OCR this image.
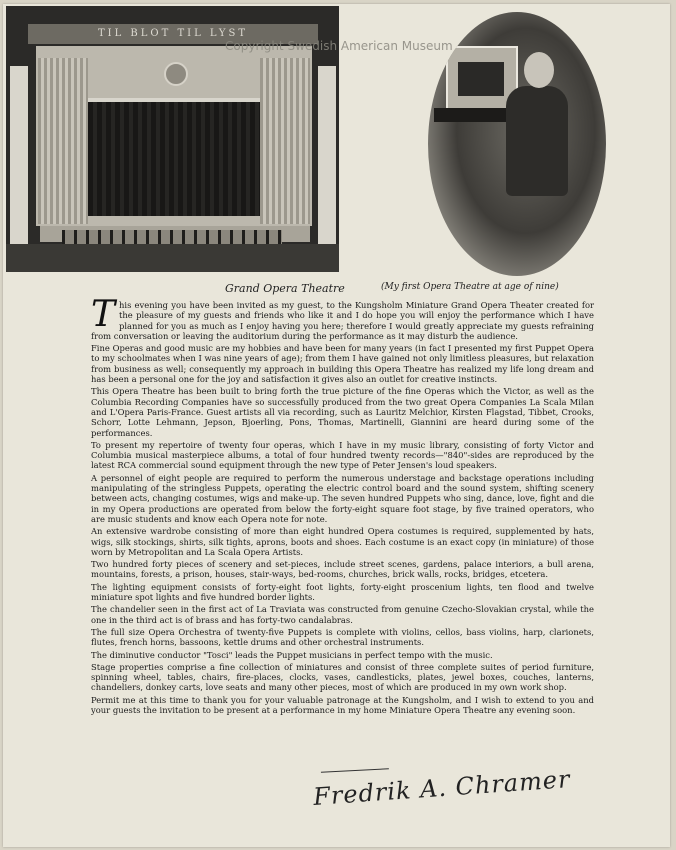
TIL BLOT TIL LYST
Copyright Swedish American Museum
Grand Opera Theatre	(My first Opera Theatre at age of nine)

This evening you have been invited as my guest, to the Kungsholm Miniature Grand Opera Theater created for the pleasure of my guests and friends who like it and I do hope you will enjoy the performance which I have planned for you as much as I enjoy having you here; therefore I would greatly appreciate my guests refraining from conversation or leaving the auditorium during the performance as it may disturb the audience.

Fine Operas and good music are my hobbies and have been for many years (in fact I presented my first Puppet Opera to my schoolmates when I was nine years of age); from them I have gained not only limitless pleasures, but relaxation from business as well; consequently my approach in building this Opera Theatre has realized my life long dream and has been a personal one for the joy and satisfaction it gives also an outlet for creative instincts.

This Opera Theatre has been built to bring forth the true picture of the fine Operas which the Victor, as well as the Columbia Recording Companies have so successfully produced from the two great Opera Companies La Scala Milan and L'Opera Paris-France. Guest artists all via recording, such as Lauritz Melchior, Kirsten Flagstad, Tibbet, Crooks, Schorr, Lotte Lehmann, Jepson, Bjoerling, Pons, Thomas, Martinelli, Giannini are heard during some of the performances.

To present my repertoire of twenty four operas, which I have in my music library, consisting of forty Victor and Columbia musical masterpiece albums, a total of four hundred twenty records—"840"-sides are reproduced by the latest RCA commercial sound equipment through the new type of Peter Jensen's loud speakers.

A personnel of eight people are required to perform the numerous understage and backstage operations including manipulating of the stringless Puppets, operating the electric control board and the sound system, shifting scenery between acts, changing costumes, wigs and make-up. The seven hundred Puppets who sing, dance, love, fight and die in my Opera productions are operated from below the forty-eight square foot stage, by five trained operators, who are music students and know each Opera note for note.

An extensive wardrobe consisting of more than eight hundred Opera costumes is required, supplemented by hats, wigs, silk stockings, shirts, silk tights, aprons, boots and shoes. Each costume is an exact copy (in miniature) of those worn by Metropolitan and La Scala Opera Artists.

Two hundred forty pieces of scenery and set-pieces, include street scenes, gardens, palace interiors, a bull arena, mountains, forests, a prison, houses, stair-ways, bed-rooms, churches, brick walls, rocks, bridges, etcetera.

The lighting equipment consists of forty-eight foot lights, forty-eight proscenium lights, ten flood and twelve miniature spot lights and five hundred border lights.

The chandelier seen in the first act of La Traviata was constructed from genuine Czecho-Slovakian crystal, while the one in the third act is of brass and has forty-two candalabras.

The full size Opera Orchestra of twenty-five Puppets is complete with violins, cellos, bass violins, harp, clarionets, flutes, french horns, bassoons, kettle drums and other orchestral instruments.

The diminutive conductor "Tosci" leads the Puppet musicians in perfect tempo with the music.

Stage properties comprise a fine collection of miniatures and consist of three complete suites of period furniture, spinning wheel, tables, chairs, fire-places, clocks, vases, candlesticks, plates, jewel boxes, couches, lanterns, chandeliers, donkey carts, love seats and many other pieces, most of which are produced in my own work shop.

Permit me at this time to thank you for your valuable patronage at the Kungsholm, and I wish to extend to you and your guests the invitation to be present at a performance in my home Miniature Opera Theatre any evening soon.

Fredrik A. Chramer
